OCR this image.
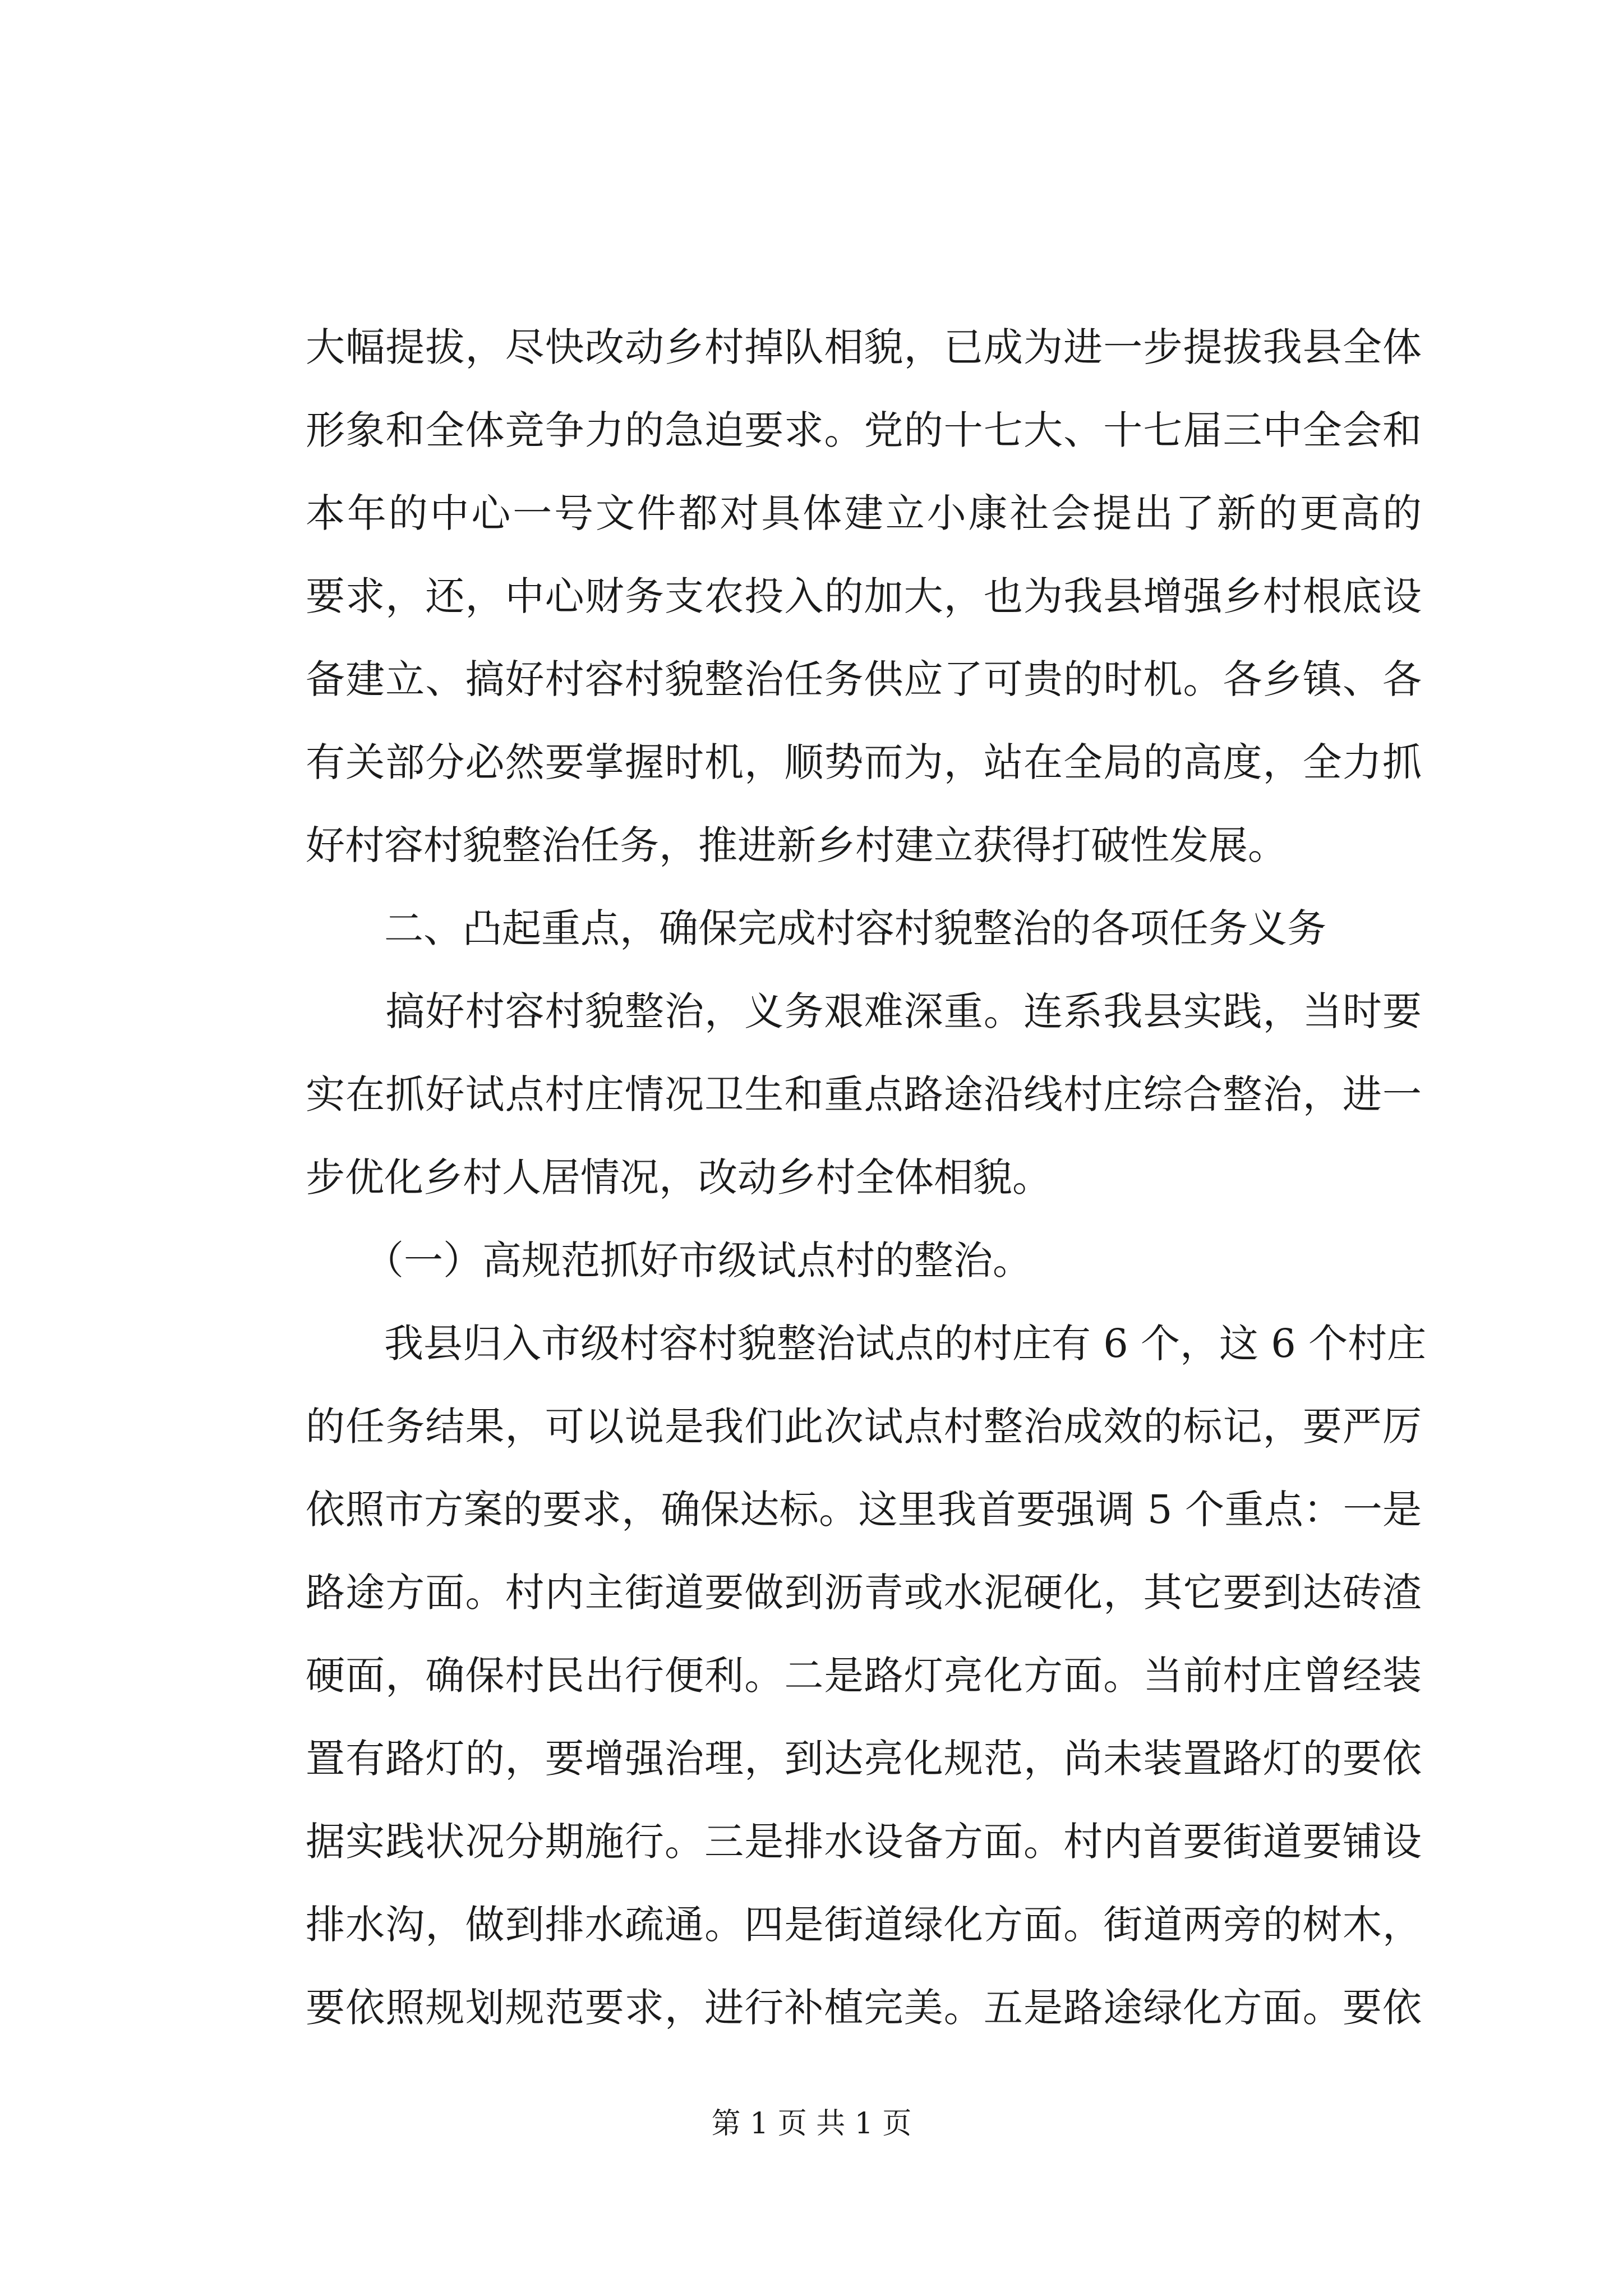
大幅提拔，尽快改动乡村掉队相貌，已成为进一步提拔我县全体
形象和全体竞争力的急迫要求。党的十七大、十七届三中全会和
本年的中心一号文件都对具体建立小康社会提出了新的更高的
要求，还，中心财务支农投入的加大，也为我县增强乡村根底设
备建立、搞好村容村貌整治任务供应了可贵的时机。各乡镇、各
有关部分必然要掌握时机，顺势而为，站在全局的高度，全力抓
好村容村貌整治任务，推进新乡村建立获得打破性发展。
　　二、凸起重点，确保完成村容村貌整治的各项任务义务
　　搞好村容村貌整治，义务艰难深重。连系我县实践，当时要
实在抓好试点村庄情况卫生和重点路途沿线村庄综合整治，进一
步优化乡村人居情况，改动乡村全体相貌。
　　（一）高规范抓好市级试点村的整治。
　　我县归入市级村容村貌整治试点的村庄有 6 个，这 6 个村庄
的任务结果，可以说是我们此次试点村整治成效的标记，要严厉
依照市方案的要求，确保达标。这里我首要强调 5 个重点：一是
路途方面。村内主街道要做到沥青或水泥硬化，其它要到达砖渣
硬面，确保村民出行便利。二是路灯亮化方面。当前村庄曾经装
置有路灯的，要增强治理，到达亮化规范，尚未装置路灯的要依
据实践状况分期施行。三是排水设备方面。村内首要街道要铺设
排水沟，做到排水疏通。四是街道绿化方面。街道两旁的树木，
要依照规划规范要求，进行补植完美。五是路途绿化方面。要依
第 1 页 共 1 页
